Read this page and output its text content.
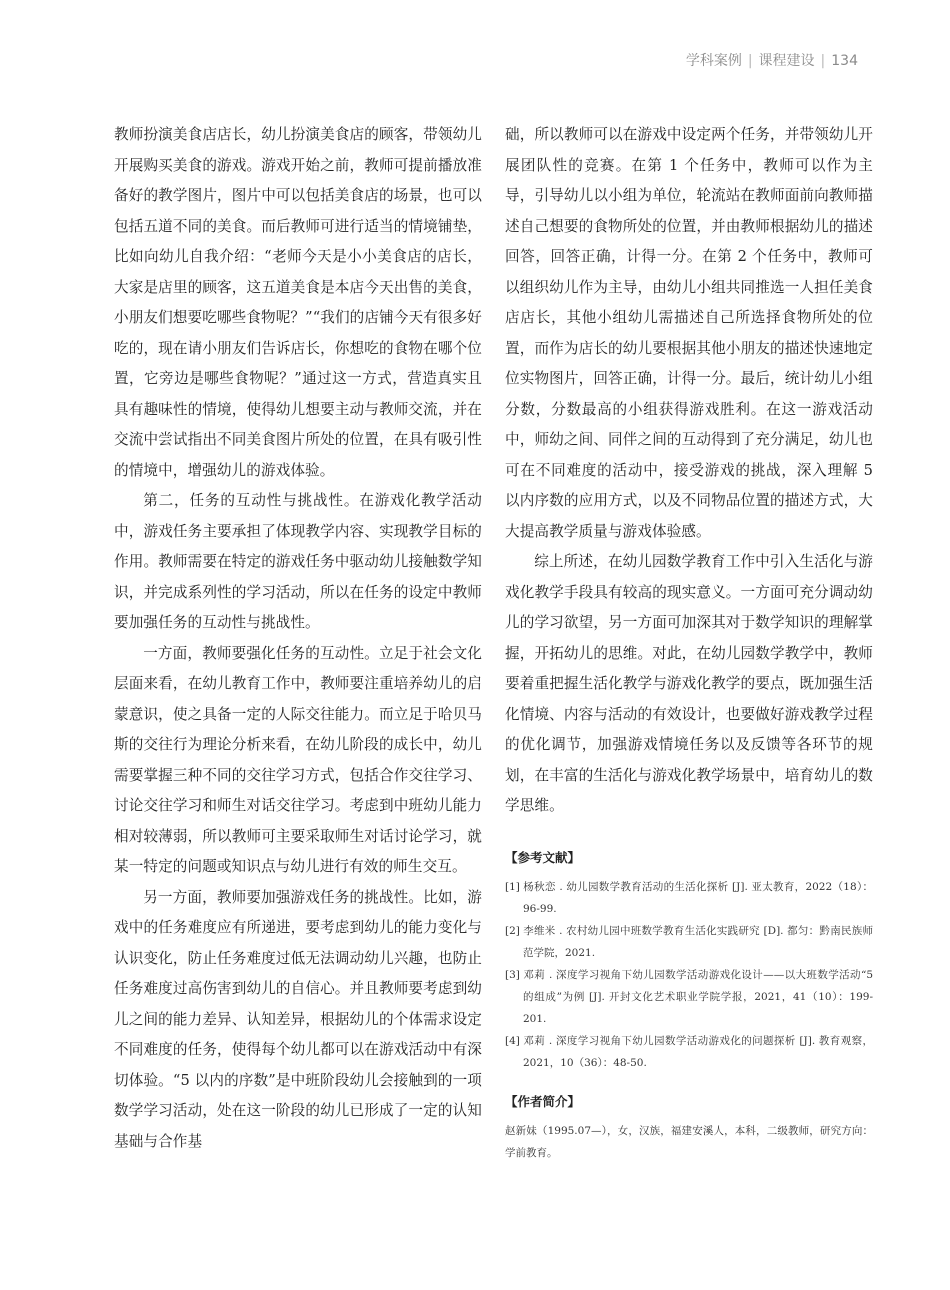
学科案例 | 课程建设 | 134

教师扮演美食店店长，幼儿扮演美食店的顾客，带领幼儿开展购买美食的游戏。游戏开始之前，教师可提前播放准备好的教学图片，图片中可以包括美食店的场景，也可以包括五道不同的美食。而后教师可进行适当的情境铺垫，比如向幼儿自我介绍：“老师今天是小小美食店的店长，大家是店里的顾客，这五道美食是本店今天出售的美食，小朋友们想要吃哪些食物呢？”“我们的店铺今天有很多好吃的，现在请小朋友们告诉店长，你想吃的食物在哪个位置，它旁边是哪些食物呢？”通过这一方式，营造真实且具有趣味性的情境，使得幼儿想要主动与教师交流，并在交流中尝试指出不同美食图片所处的位置，在具有吸引性的情境中，增强幼儿的游戏体验。

第二，任务的互动性与挑战性。在游戏化教学活动中，游戏任务主要承担了体现教学内容、实现教学目标的作用。教师需要在特定的游戏任务中驱动幼儿接触数学知识，并完成系列性的学习活动，所以在任务的设定中教师要加强任务的互动性与挑战性。

一方面，教师要强化任务的互动性。立足于社会文化层面来看，在幼儿教育工作中，教师要注重培养幼儿的启蒙意识，使之具备一定的人际交往能力。而立足于哈贝马斯的交往行为理论分析来看，在幼儿阶段的成长中，幼儿需要掌握三种不同的交往学习方式，包括合作交往学习、讨论交往学习和师生对话交往学习。考虑到中班幼儿能力相对较薄弱，所以教师可主要采取师生对话讨论学习，就某一特定的问题或知识点与幼儿进行有效的师生交互。

另一方面，教师要加强游戏任务的挑战性。比如，游戏中的任务难度应有所递进，要考虑到幼儿的能力变化与认识变化，防止任务难度过低无法调动幼儿兴趣，也防止任务难度过高伤害到幼儿的自信心。并且教师要考虑到幼儿之间的能力差异、认知差异，根据幼儿的个体需求设定不同难度的任务，使得每个幼儿都可以在游戏活动中有深切体验。“5 以内的序数”是中班阶段幼儿会接触到的一项数学学习活动，处在这一阶段的幼儿已形成了一定的认知基础与合作基

础，所以教师可以在游戏中设定两个任务，并带领幼儿开展团队性的竞赛。在第 1 个任务中，教师可以作为主导，引导幼儿以小组为单位，轮流站在教师面前向教师描述自己想要的食物所处的位置，并由教师根据幼儿的描述回答，回答正确，计得一分。在第 2 个任务中，教师可以组织幼儿作为主导，由幼儿小组共同推选一人担任美食店店长，其他小组幼儿需描述自己所选择食物所处的位置，而作为店长的幼儿要根据其他小朋友的描述快速地定位实物图片，回答正确，计得一分。最后，统计幼儿小组分数，分数最高的小组获得游戏胜利。在这一游戏活动中，师幼之间、同伴之间的互动得到了充分满足，幼儿也可在不同难度的活动中，接受游戏的挑战，深入理解 5 以内序数的应用方式，以及不同物品位置的描述方式，大大提高教学质量与游戏体验感。

综上所述，在幼儿园数学教育工作中引入生活化与游戏化教学手段具有较高的现实意义。一方面可充分调动幼儿的学习欲望，另一方面可加深其对于数学知识的理解掌握，开拓幼儿的思维。对此，在幼儿园数学教学中，教师要着重把握生活化教学与游戏化教学的要点，既加强生活化情境、内容与活动的有效设计，也要做好游戏教学过程的优化调节，加强游戏情境任务以及反馈等各环节的规划，在丰富的生活化与游戏化教学场景中，培育幼儿的数学思维。

【参考文献】
[1] 杨秋恋 . 幼儿园数学教育活动的生活化探析 [J]. 亚太教育，2022（18）：96-99.
[2] 李维米 . 农村幼儿园中班数学教育生活化实践研究 [D]. 都匀：黔南民族师范学院，2021.
[3] 邓莉 . 深度学习视角下幼儿园数学活动游戏化设计——以大班数学活动“5 的组成”为例 [J]. 开封文化艺术职业学院学报，2021，41（10）：199-201.
[4] 邓莉 . 深度学习视角下幼儿园数学活动游戏化的问题探析 [J]. 教育观察，2021，10（36）：48-50.
【作者简介】
赵新妹（1995.07—），女，汉族，福建安溪人，本科，二级教师，研究方向：学前教育。
